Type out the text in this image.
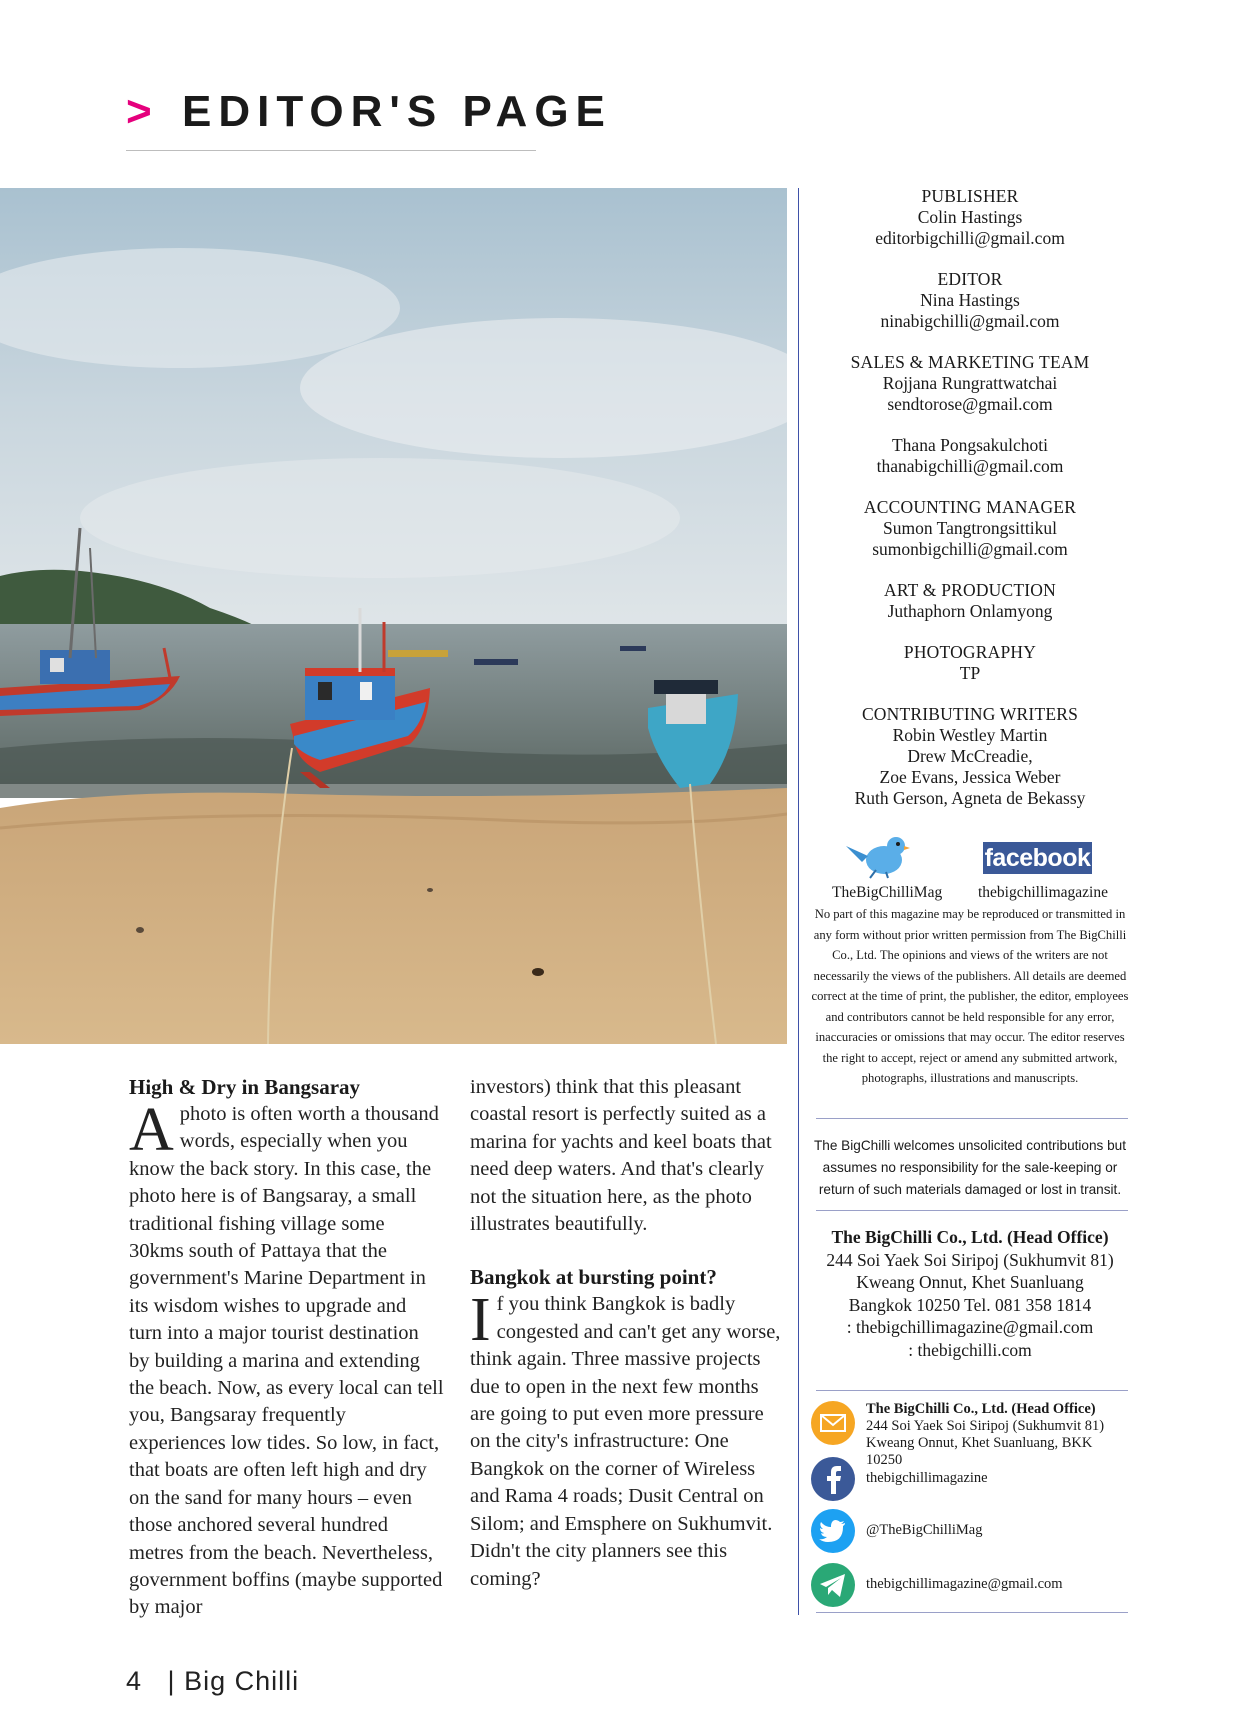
> EDITOR'S PAGE
High & Dry in Bangsaray

Aphoto is often worth a thousand words, especially when you know the back story. In this case, the photo here is of Bangsaray, a small traditional fishing village some 30kms south of Pattaya that the government's Marine Department in its wisdom wishes to upgrade and turn into a major tourist destination by building a marina and extending the beach. Now, as every local can tell you, Bangsaray frequently experiences low tides. So low, in fact, that boats are often left high and dry on the sand for many hours – even those anchored several hundred metres from the beach. Nevertheless, government boffins (maybe supported by major

investors) think that this pleasant coastal resort is perfectly suited as a marina for yachts and keel boats that need deep waters. And that's clearly not the situation here, as the photo illustrates beautifully.

Bangkok at bursting point?

If you think Bangkok is badly congested and can't get any worse, think again. Three massive projects due to open in the next few months are going to put even more pressure on the city's infrastructure: One Bangkok on the corner of Wireless and Rama 4 roads; Dusit Central on Silom; and Emsphere on Sukhumvit. Didn't the city planners see this coming?

PUBLISHER
Colin Hastings
editorbigchilli@gmail.com
EDITOR
Nina Hastings
ninabigchilli@gmail.com
SALES & MARKETING TEAM
Rojjana Rungrattwatchai
sendtorose@gmail.com
Thana Pongsakulchoti
thanabigchilli@gmail.com
ACCOUNTING MANAGER
Sumon Tangtrongsittikul
sumonbigchilli@gmail.com
ART & PRODUCTION
Juthaphorn Onlamyong
PHOTOGRAPHY
TP
CONTRIBUTING WRITERS
Robin Westley Martin
Drew McCreadie,
Zoe Evans, Jessica Weber
Ruth Gerson, Agneta de Bekassy
facebook
TheBigChilliMag thebigchillimagazine
No part of this magazine may be reproduced or transmitted in any form without prior written permission from The BigChilli Co., Ltd. The opinions and views of the writers are not necessarily the views of the publishers. All details are deemed correct at the time of print, the publisher, the editor, employees and contributors cannot be held responsible for any error, inaccuracies or omissions that may occur. The editor reserves the right to accept, reject or amend any submitted artwork, photographs, illustrations and manuscripts.
The BigChilli welcomes unsolicited contributions but assumes no responsibility for the sale-keeping or return of such materials damaged or lost in transit.
The BigChilli Co., Ltd. (Head Office)
244 Soi Yaek Soi Siripoj (Sukhumvit 81)
Kweang Onnut, Khet Suanluang
Bangkok 10250 Tel. 081 358 1814
: thebigchillimagazine@gmail.com
: thebigchilli.com
The BigChilli Co., Ltd. (Head Office)
244 Soi Yaek Soi Siripoj (Sukhumvit 81)
Kweang Onnut, Khet Suanluang, BKK 10250
thebigchillimagazine
@TheBigChilliMag
thebigchillimagazine@gmail.com
4 | Big Chilli
